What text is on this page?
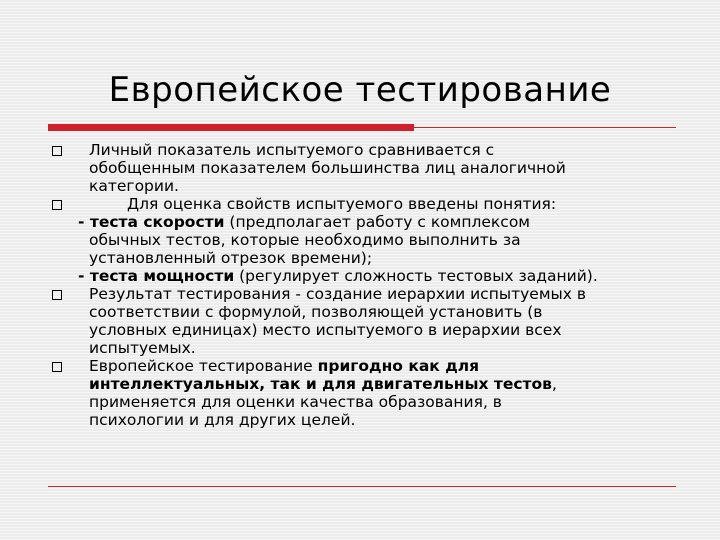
Европейское тестирование
Личный показатель испытуемого сравнивается с
обобщенным показателем большинства лиц аналогичной
категории.
Для оценка свойств испытуемого введены понятия:
- теста скорости (предполагает работу с комплексом
обычных тестов, которые необходимо выполнить за
установленный отрезок времени);
- теста мощности (регулирует сложность тестовых заданий).
Результат тестирования - создание иерархии испытуемых в
соответствии с формулой, позволяющей установить (в
условных единицах) место испытуемого в иерархии всех
испытуемых.
Европейское тестирование пригодно как для
интеллектуальных, так и для двигательных тестов,
применяется для оценки качества образования, в
психологии и для других целей.
